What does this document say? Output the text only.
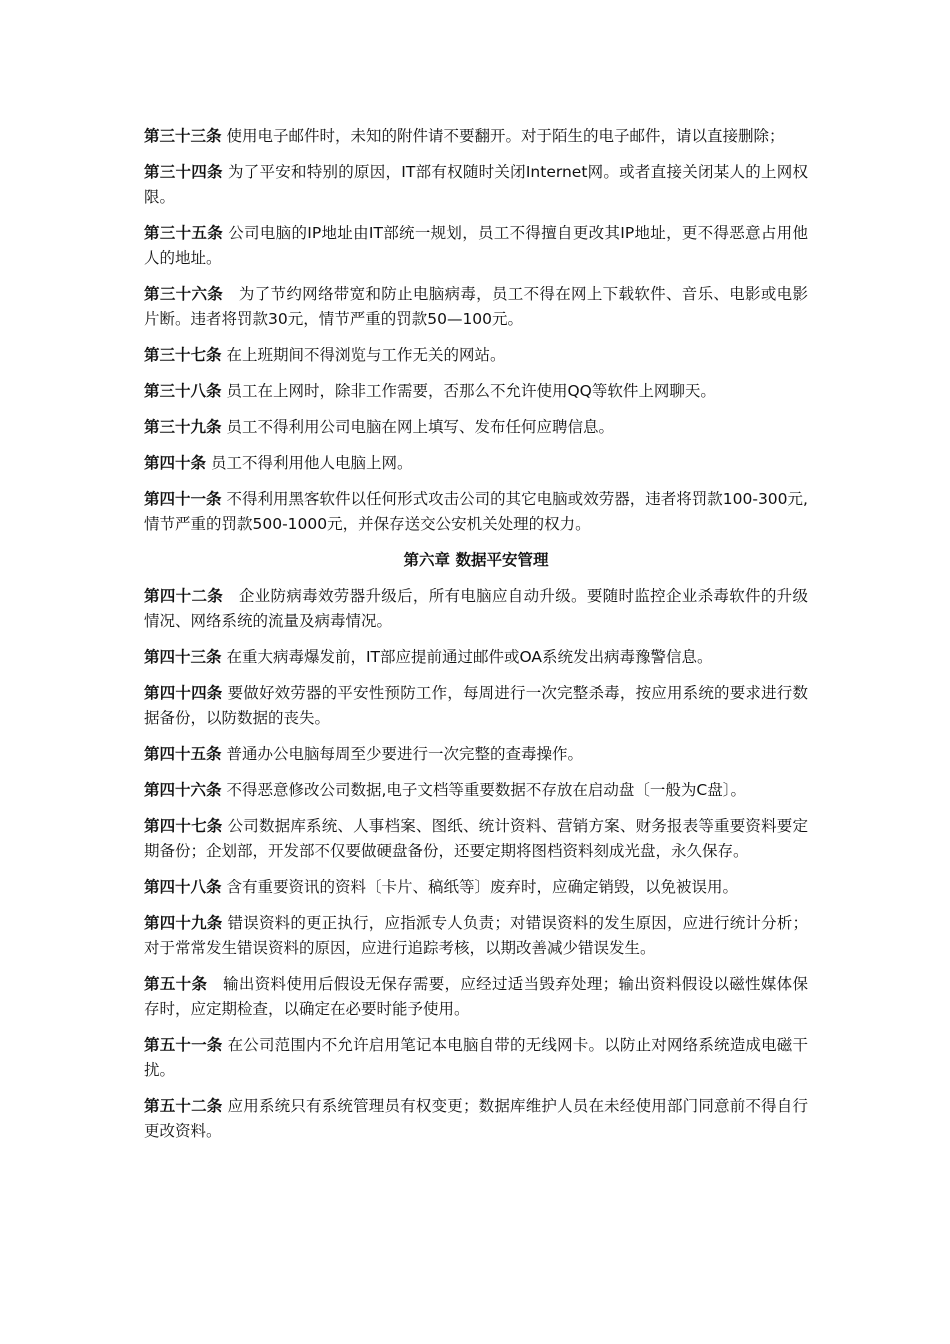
第三十三条 使用电子邮件时，未知的附件请不要翻开。对于陌生的电子邮件，请以直接删除；

第三十四条 为了平安和特别的原因，IT部有权随时关闭Internet网。或者直接关闭某人的上网权限。

第三十五条 公司电脑的IP地址由IT部统一规划，员工不得擅自更改其IP地址，更不得恶意占用他人的地址。

第三十六条　为了节约网络带宽和防止电脑病毒，员工不得在网上下载软件、音乐、电影或电影片断。违者将罚款30元，情节严重的罚款50—100元。

第三十七条 在上班期间不得浏览与工作无关的网站。

第三十八条 员工在上网时，除非工作需要，否那么不允许使用QQ等软件上网聊天。

第三十九条 员工不得利用公司电脑在网上填写、发布任何应聘信息。

第四十条 员工不得利用他人电脑上网。

第四十一条 不得利用黑客软件以任何形式攻击公司的其它电脑或效劳器，违者将罚款100-300元,情节严重的罚款500-1000元，并保存送交公安机关处理的权力。

第六章 数据平安管理

第四十二条　企业防病毒效劳器升级后，所有电脑应自动升级。要随时监控企业杀毒软件的升级情况、网络系统的流量及病毒情况。

第四十三条 在重大病毒爆发前，IT部应提前通过邮件或OA系统发出病毒豫警信息。

第四十四条 要做好效劳器的平安性预防工作，每周进行一次完整杀毒，按应用系统的要求进行数据备份，以防数据的丧失。

第四十五条 普通办公电脑每周至少要进行一次完整的查毒操作。

第四十六条 不得恶意修改公司数据,电子文档等重要数据不存放在启动盘〔一般为C盘〕。

第四十七条 公司数据库系统、人事档案、图纸、统计资料、营销方案、财务报表等重要资料要定期备份；企划部，开发部不仅要做硬盘备份，还要定期将图档资料刻成光盘，永久保存。

第四十八条 含有重要资讯的资料〔卡片、稿纸等〕废弃时，应确定销毁，以免被误用。

第四十九条 错误资料的更正执行，应指派专人负责；对错误资料的发生原因，应进行统计分析；对于常常发生错误资料的原因，应进行追踪考核，以期改善减少错误发生。

第五十条　输出资料使用后假设无保存需要，应经过适当毁弃处理；输出资料假设以磁性媒体保存时，应定期检查，以确定在必要时能予使用。

第五十一条 在公司范围内不允许启用笔记本电脑自带的无线网卡。以防止对网络系统造成电磁干扰。

第五十二条 应用系统只有系统管理员有权变更；数据库维护人员在未经使用部门同意前不得自行更改资料。
